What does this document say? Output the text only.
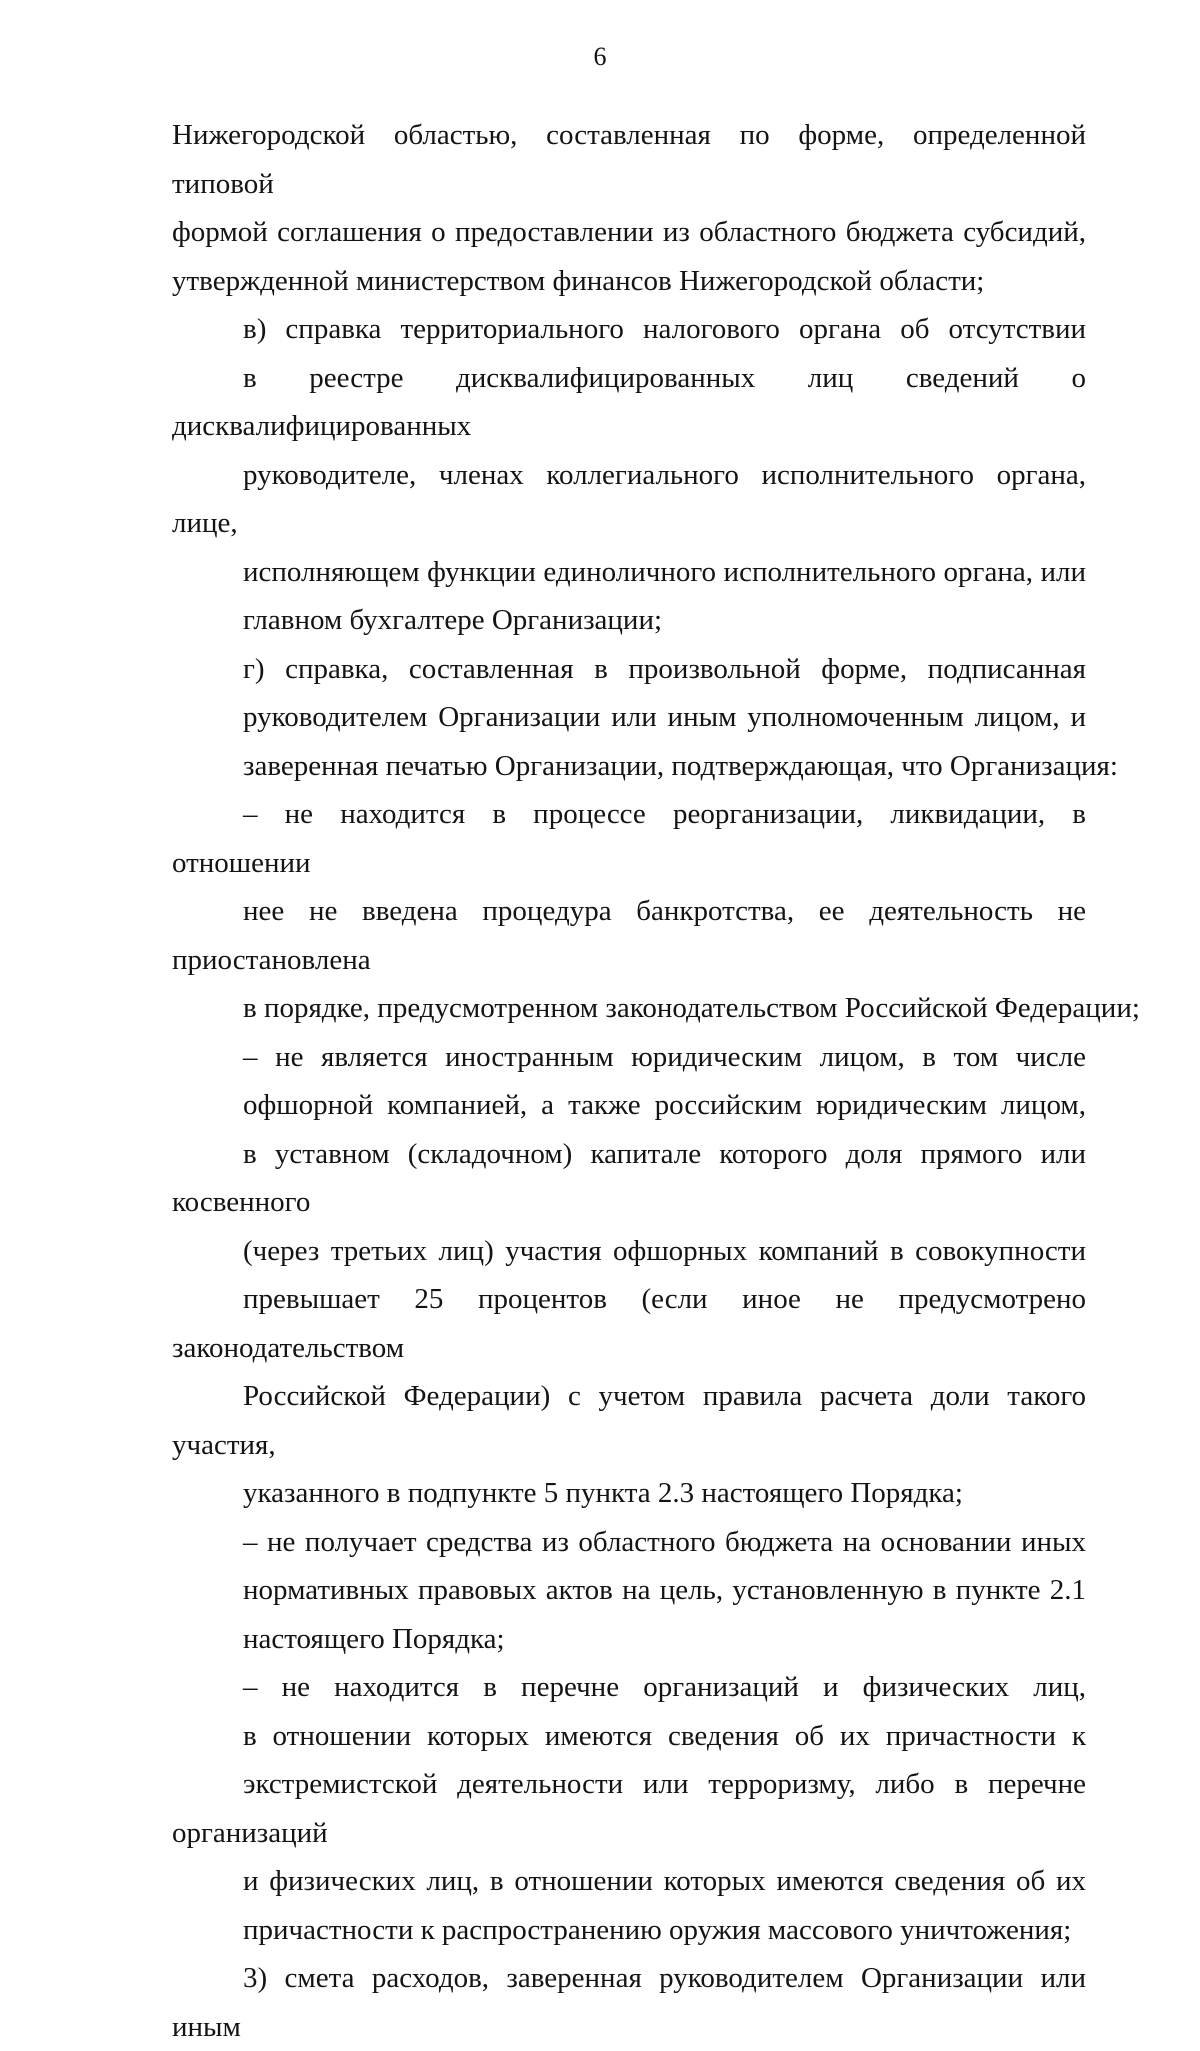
6
Нижегородской областью, составленная по форме, определенной типовой
формой соглашения о предоставлении из областного бюджета субсидий,
утвержденной министерством финансов Нижегородской области;
в) справка территориального налогового органа об отсутствии
в реестре дисквалифицированных лиц сведений о дисквалифицированных
руководителе, членах коллегиального исполнительного органа, лице,
исполняющем функции единоличного исполнительного органа, или
главном бухгалтере Организации;
г) справка, составленная в произвольной форме, подписанная
руководителем Организации или иным уполномоченным лицом, и
заверенная печатью Организации, подтверждающая, что Организация:
– не находится в процессе реорганизации, ликвидации, в отношении
нее не введена процедура банкротства, ее деятельность не приостановлена
в порядке, предусмотренном законодательством Российской Федерации;
– не является иностранным юридическим лицом, в том числе
офшорной компанией, а также российским юридическим лицом,
в уставном (складочном) капитале которого доля прямого или косвенного
(через третьих лиц) участия офшорных компаний в совокупности
превышает 25 процентов (если иное не предусмотрено законодательством
Российской Федерации) с учетом правила расчета доли такого участия,
указанного в подпункте 5 пункта 2.3 настоящего Порядка;
– не получает средства из областного бюджета на основании иных
нормативных правовых актов на цель, установленную в пункте 2.1
настоящего Порядка;
– не находится в перечне организаций и физических лиц,
в отношении которых имеются сведения об их причастности к
экстремистской деятельности или терроризму, либо в перечне организаций
и физических лиц, в отношении которых имеются сведения об их
причастности к распространению оружия массового уничтожения;
3) смета расходов, заверенная руководителем Организации или иным
